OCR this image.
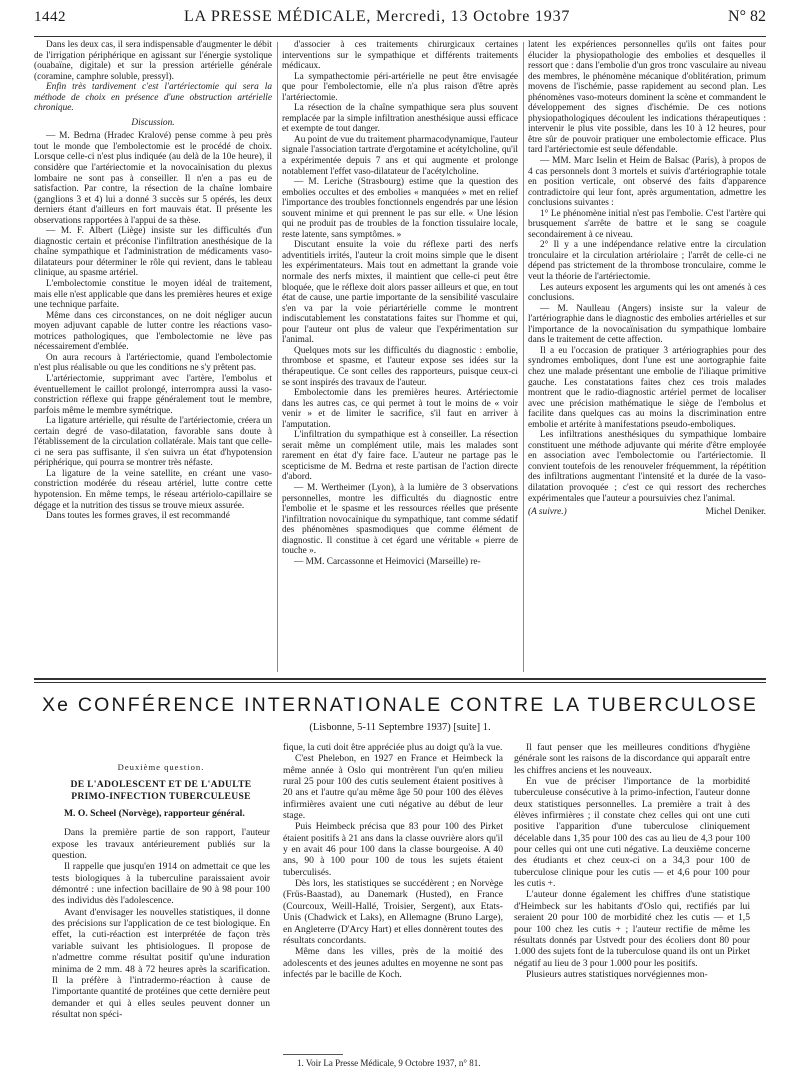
1442	LA PRESSE MÉDICALE, Mercredi, 13 Octobre 1937	N° 82

Dans les deux cas, il sera indispensable d'augmenter le débit de l'irrigation périphérique en agissant sur l'énergie systolique (ouabaïne, digitale) et sur la pression artérielle générale (coramine, camphre soluble, pressyl).

Enfin très tardivement c'est l'artériectomie qui sera la méthode de choix en présence d'une obstruction artérielle chronique.

Discussion.

— M. Bedrna (Hradec Kralové) pense comme à peu près tout le monde que l'embolectomie est le procédé de choix. Lorsque celle-ci n'est plus indiquée (au delà de la 10e heure), il considère que l'artériectomie et la novocaïnisation du plexus lombaire ne sont pas à conseiller. Il n'en a pas eu de satisfaction. Par contre, la résection de la chaîne lombaire (ganglions 3 et 4) lui a donné 3 succès sur 5 opérés, les deux derniers étant d'ailleurs en fort mauvais état. Il présente les observations rapportées à l'appui de sa thèse.

— M. F. Albert (Liège) insiste sur les difficultés d'un diagnostic certain et préconise l'infiltration anesthésique de la chaîne sympathique et l'administration de médicaments vaso-dilatateurs pour déterminer le rôle qui revient, dans le tableau clinique, au spasme artériel.

L'embolectomie constitue le moyen idéal de traitement, mais elle n'est applicable que dans les premières heures et exige une technique parfaite.

Même dans ces circonstances, on ne doit négliger aucun moyen adjuvant capable de lutter contre les réactions vaso-motrices pathologiques, que l'embolectomie ne lève pas nécessairement d'emblée.

On aura recours à l'artériectomie, quand l'embolectomie n'est plus réalisable ou que les conditions ne s'y prêtent pas.

L'artériectomie, supprimant avec l'artère, l'embolus et éventuellement le caillot prolongé, interrompra aussi la vaso-constriction réflexe qui frappe généralement tout le membre, parfois même le membre symétrique.

La ligature artérielle, qui résulte de l'artériectomie, créera un certain degré de vaso-dilatation, favorable sans doute à l'établissement de la circulation collatérale. Mais tant que celle-ci ne sera pas suffisante, il s'en suivra un état d'hypotension périphérique, qui pourra se montrer très néfaste.

La ligature de la veine satellite, en créant une vaso-constriction modérée du réseau artériel, lutte contre cette hypotension. En même temps, le réseau artériolo-capillaire se dégage et la nutrition des tissus se trouve mieux assurée.

Dans toutes les formes graves, il est recommandé

d'associer à ces traitements chirurgicaux certaines interventions sur le sympathique et différents traitements médicaux.

La sympathectomie péri-artérielle ne peut être envisagée que pour l'embolectomie, elle n'a plus raison d'être après l'artériectomie.

La résection de la chaîne sympathique sera plus souvent remplacée par la simple infiltration anesthésique aussi efficace et exempte de tout danger.

Au point de vue du traitement pharmacodynamique, l'auteur signale l'association tartrate d'ergotamine et acétylcholine, qu'il a expérimentée depuis 7 ans et qui augmente et prolonge notablement l'effet vaso-dilatateur de l'acétylcholine.

— M. Leriche (Strasbourg) estime que la question des embolies occultes et des embolies « manquées » met en relief l'importance des troubles fonctionnels engendrés par une lésion souvent minime et qui prennent le pas sur elle. « Une lésion qui ne produit pas de troubles de la fonction tissulaire locale, reste latente, sans symptômes. »

Discutant ensuite la voie du réflexe parti des nerfs adventitiels irrités, l'auteur la croit moins simple que le disent les expérimentateurs. Mais tout en admettant la grande voie normale des nerfs mixtes, il maintient que celle-ci peut être bloquée, que le réflexe doit alors passer ailleurs et que, en tout état de cause, une partie importante de la sensibilité vasculaire s'en va par la voie périartérielle comme le montrent indiscutablement les constatations faites sur l'homme et qui, pour l'auteur ont plus de valeur que l'expérimentation sur l'animal.

Quelques mots sur les difficultés du diagnostic : embolie, thrombose et spasme, et l'auteur expose ses idées sur la thérapeutique. Ce sont celles des rapporteurs, puisque ceux-ci se sont inspirés des travaux de l'auteur.

Embolectomie dans les premières heures. Artériectomie dans les autres cas, ce qui permet à tout le moins de « voir venir » et de limiter le sacrifice, s'il faut en arriver à l'amputation.

L'infiltration du sympathique est à conseiller. La résection serait même un complément utile, mais les malades sont rarement en état d'y faire face. L'auteur ne partage pas le scepticisme de M. Bedrna et reste partisan de l'action directe d'abord.

— M. Wertheimer (Lyon), à la lumière de 3 observations personnelles, montre les difficultés du diagnostic entre l'embolie et le spasme et les ressources réelles que présente l'infiltration novocaïnique du sympathique, tant comme sédatif des phénomènes spasmodiques que comme élément de diagnostic. Il constitue à cet égard une véritable « pierre de touche ».

— MM. Carcassonne et Heimovici (Marseille) re-

latent les expériences personnelles qu'ils ont faites pour élucider la physiopathologie des embolies et desquelles il ressort que : dans l'embolie d'un gros tronc vasculaire au niveau des membres, le phénomène mécanique d'oblitération, primum movens de l'ischémie, passe rapidement au second plan. Les phénomènes vaso-moteurs dominent la scène et commandent le développement des signes d'ischémie. De ces notions physiopathologiques découlent les indications thérapeutiques : intervenir le plus vite possible, dans les 10 à 12 heures, pour être sûr de pouvoir pratiquer une embolectomie efficace. Plus tard l'artériectomie est seule défendable.

— MM. Marc Iselin et Heim de Balsac (Paris), à propos de 4 cas personnels dont 3 mortels et suivis d'artériographie totale en position verticale, ont observé des faits d'apparence contradictoire qui leur font, après argumentation, admettre les conclusions suivantes :

1° Le phénomène initial n'est pas l'embolie. C'est l'artère qui brusquement s'arrête de battre et le sang se coagule secondairement à ce niveau.

2° Il y a une indépendance relative entre la circulation tronculaire et la circulation artériolaire ; l'arrêt de celle-ci ne dépend pas strictement de la thrombose tronculaire, comme le veut la théorie de l'artériectomie.

Les auteurs exposent les arguments qui les ont amenés à ces conclusions.

— M. Naulleau (Angers) insiste sur la valeur de l'artériographie dans le diagnostic des embolies artérielles et sur l'importance de la novocaïnisation du sympathique lombaire dans le traitement de cette affection.

Il a eu l'occasion de pratiquer 3 artériographies pour des syndromes emboliques, dont l'une est une aortographie faite chez une malade présentant une embolie de l'iliaque primitive gauche. Les constatations faites chez ces trois malades montrent que le radio-diagnostic artériel permet de localiser avec une précision mathématique le siège de l'embolus et facilite dans quelques cas au moins la discrimination entre embolie et artérite à manifestations pseudo-emboliques.

Les infiltrations anesthésiques du sympathique lombaire constituent une méthode adjuvante qui mérite d'être employée en association avec l'embolectomie ou l'artériectomie. Il convient toutefois de les renouveler fréquemment, la répétition des infiltrations augmentant l'intensité et la durée de la vaso-dilatation provoquée ; c'est ce qui ressort des recherches expérimentales que l'auteur a poursuivies chez l'animal.

(A suivre.)	Michel Deniker.
Xe CONFÉRENCE INTERNATIONALE CONTRE LA TUBERCULOSE
(Lisbonne, 5-11 Septembre 1937) [suite] 1.

Deuxième question.

DE L'ADOLESCENT ET DE L'ADULTE

PRIMO-INFECTION TUBERCULEUSE

M. O. Scheel (Norvège), rapporteur général.

Dans la première partie de son rapport, l'auteur expose les travaux antérieurement publiés sur la question.

Il rappelle que jusqu'en 1914 on admettait ce que les tests biologiques à la tuberculine paraissaient avoir démontré : une infection bacillaire de 90 à 98 pour 100 des individus dès l'adolescence.

Avant d'envisager les nouvelles statistiques, il donne des précisions sur l'application de ce test biologique. En effet, la cuti-réaction est interprétée de façon très variable suivant les phtisiologues. Il propose de n'admettre comme résultat positif qu'une induration minima de 2 mm. 48 à 72 heures après la scarification. Il la préfère à l'intradermo-réaction à cause de l'importante quantité de protéines que cette dernière peut demander et qui à elles seules peuvent donner un résultat non spéci-

fique, la cuti doit être appréciée plus au doigt qu'à la vue.

C'est Phelebon, en 1927 en France et Heimbeck la même année à Oslo qui montrèrent l'un qu'en milieu rural 25 pour 100 des cutis seulement étaient positives à 20 ans et l'autre qu'au même âge 50 pour 100 des élèves infirmières avaient une cuti négative au début de leur stage.

Puis Heimbeck précisa que 83 pour 100 des Pirket étaient positifs à 21 ans dans la classe ouvrière alors qu'il y en avait 46 pour 100 dans la classe bourgeoise. A 40 ans, 90 à 100 pour 100 de tous les sujets étaient tuberculisés.

Dès lors, les statistiques se succédèrent ; en Norvège (Früs-Baastad), au Danemark (Husted), en France (Courcoux, Weill-Hallé, Troisier, Sergent), aux Etats-Unis (Chadwick et Laks), en Allemagne (Bruno Large), en Angleterre (D'Arcy Hart) et elles donnèrent toutes des résultats concordants.

Même dans les villes, près de la moitié des adolescents et des jeunes adultes en moyenne ne sont pas infectés par le bacille de Koch.

1. Voir La Presse Médicale, 9 Octobre 1937, n° 81.

Il faut penser que les meilleures conditions d'hygiène générale sont les raisons de la discordance qui apparaît entre les chiffres anciens et les nouveaux.

En vue de préciser l'importance de la morbidité tuberculeuse consécutive à la primo-infection, l'auteur donne deux statistiques personnelles. La première a trait à des élèves infirmières ; il constate chez celles qui ont une cuti positive l'apparition d'une tuberculose cliniquement décelable dans 1,35 pour 100 des cas au lieu de 4,3 pour 100 pour celles qui ont une cuti négative. La deuxième concerne des étudiants et chez ceux-ci on a 34,3 pour 100 de tuberculose clinique pour les cutis — et 4,6 pour 100 pour les cutis +.

L'auteur donne également les chiffres d'une statistique d'Heimbeck sur les habitants d'Oslo qui, rectifiés par lui seraient 20 pour 100 de morbidité chez les cutis — et 1,5 pour 100 chez les cutis + ; l'auteur rectifie de même les résultats donnés par Ustvedt pour des écoliers dont 80 pour 1.000 des sujets font de la tuberculose quand ils ont un Pirket négatif au lieu de 3 pour 1.000 pour les positifs.

Plusieurs autres statistiques norvégiennes mon-
